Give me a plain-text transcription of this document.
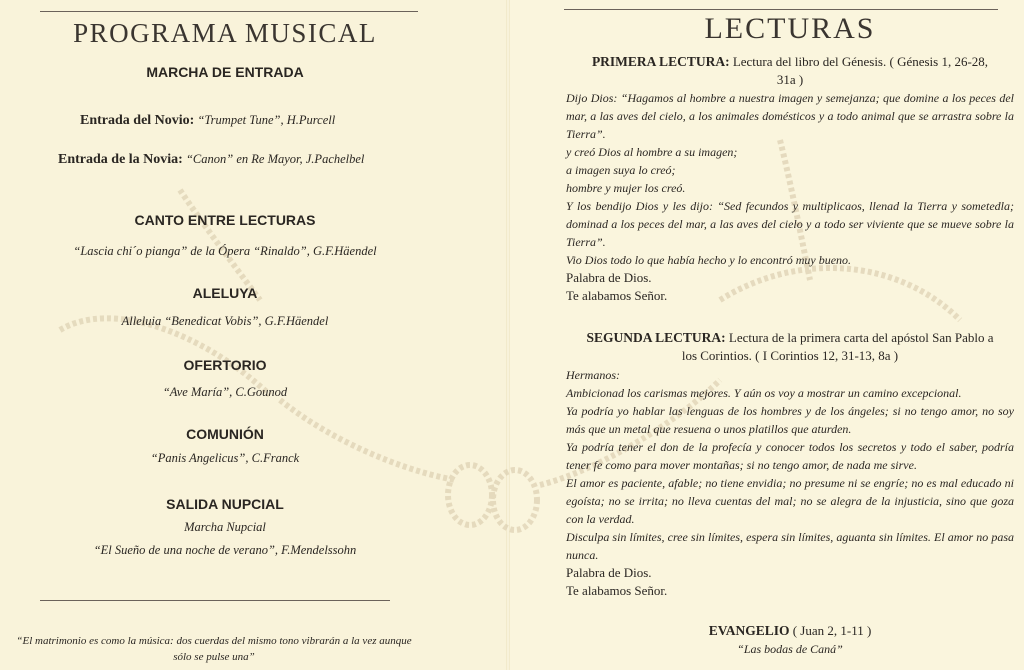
PROGRAMA MUSICAL
MARCHA DE ENTRADA
Entrada del Novio: “Trumpet Tune”, H.Purcell
Entrada de la Novia: “Canon” en Re Mayor, J.Pachelbel
CANTO ENTRE LECTURAS
“Lascia chi´o pianga” de la Ópera “Rinaldo”, G.F.Häendel
ALELUYA
Alleluia “Benedicat Vobis”, G.F.Häendel
OFERTORIO
“Ave María”, C.Gounod
COMUNIÓN
“Panis Angelicus”, C.Franck
SALIDA NUPCIAL
Marcha Nupcial
“El Sueño de una noche de verano”, F.Mendelssohn
“El matrimonio es como la música: dos cuerdas del mismo tono vibrarán a la vez aunque
sólo se pulse una”
LECTURAS
PRIMERA LECTURA: Lectura del libro del Génesis. ( Génesis 1, 26-28,
31a )

Dijo Dios: “Hagamos al hombre a nuestra imagen y semejanza; que domine a los peces del mar, a las aves del cielo, a los animales domésticos y a todo animal que se arrastra sobre la Tierra”.

y creó Dios al hombre a su imagen;

a imagen suya lo creó;

hombre y mujer los creó.

Y los bendijo Dios y les dijo: “Sed fecundos y multiplicaos, llenad la Tierra y sometedla; dominad a los peces del mar, a las aves del cielo y a todo ser viviente que se mueve sobre la Tierra”.

Vio Dios todo lo que había hecho y lo encontró muy bueno.

Palabra de Dios.

Te alabamos Señor.

SEGUNDA LECTURA: Lectura de la primera carta del apóstol San Pablo a
los Corintios. ( I Corintios 12, 31-13, 8a )

Hermanos:

Ambicionad los carismas mejores. Y aún os voy a mostrar un camino excepcional.

Ya podría yo hablar las lenguas de los hombres y de los ángeles; si no tengo amor, no soy más que un metal que resuena o unos platillos que aturden.

Ya podría tener el don de la profecía y conocer todos los secretos y todo el saber, podría tener fe como para mover montañas; si no tengo amor, de nada me sirve.

El amor es paciente, afable; no tiene envidia; no presume ni se engríe; no es mal educado ni egoísta; no se irrita; no lleva cuentas del mal; no se alegra de la injusticia, sino que goza con la verdad.

Disculpa sin límites, cree sin límites, espera sin límites, aguanta sin límites. El amor no pasa nunca.

Palabra de Dios.

Te alabamos Señor.

EVANGELIO ( Juan 2, 1-11 )
“Las bodas de Caná”
